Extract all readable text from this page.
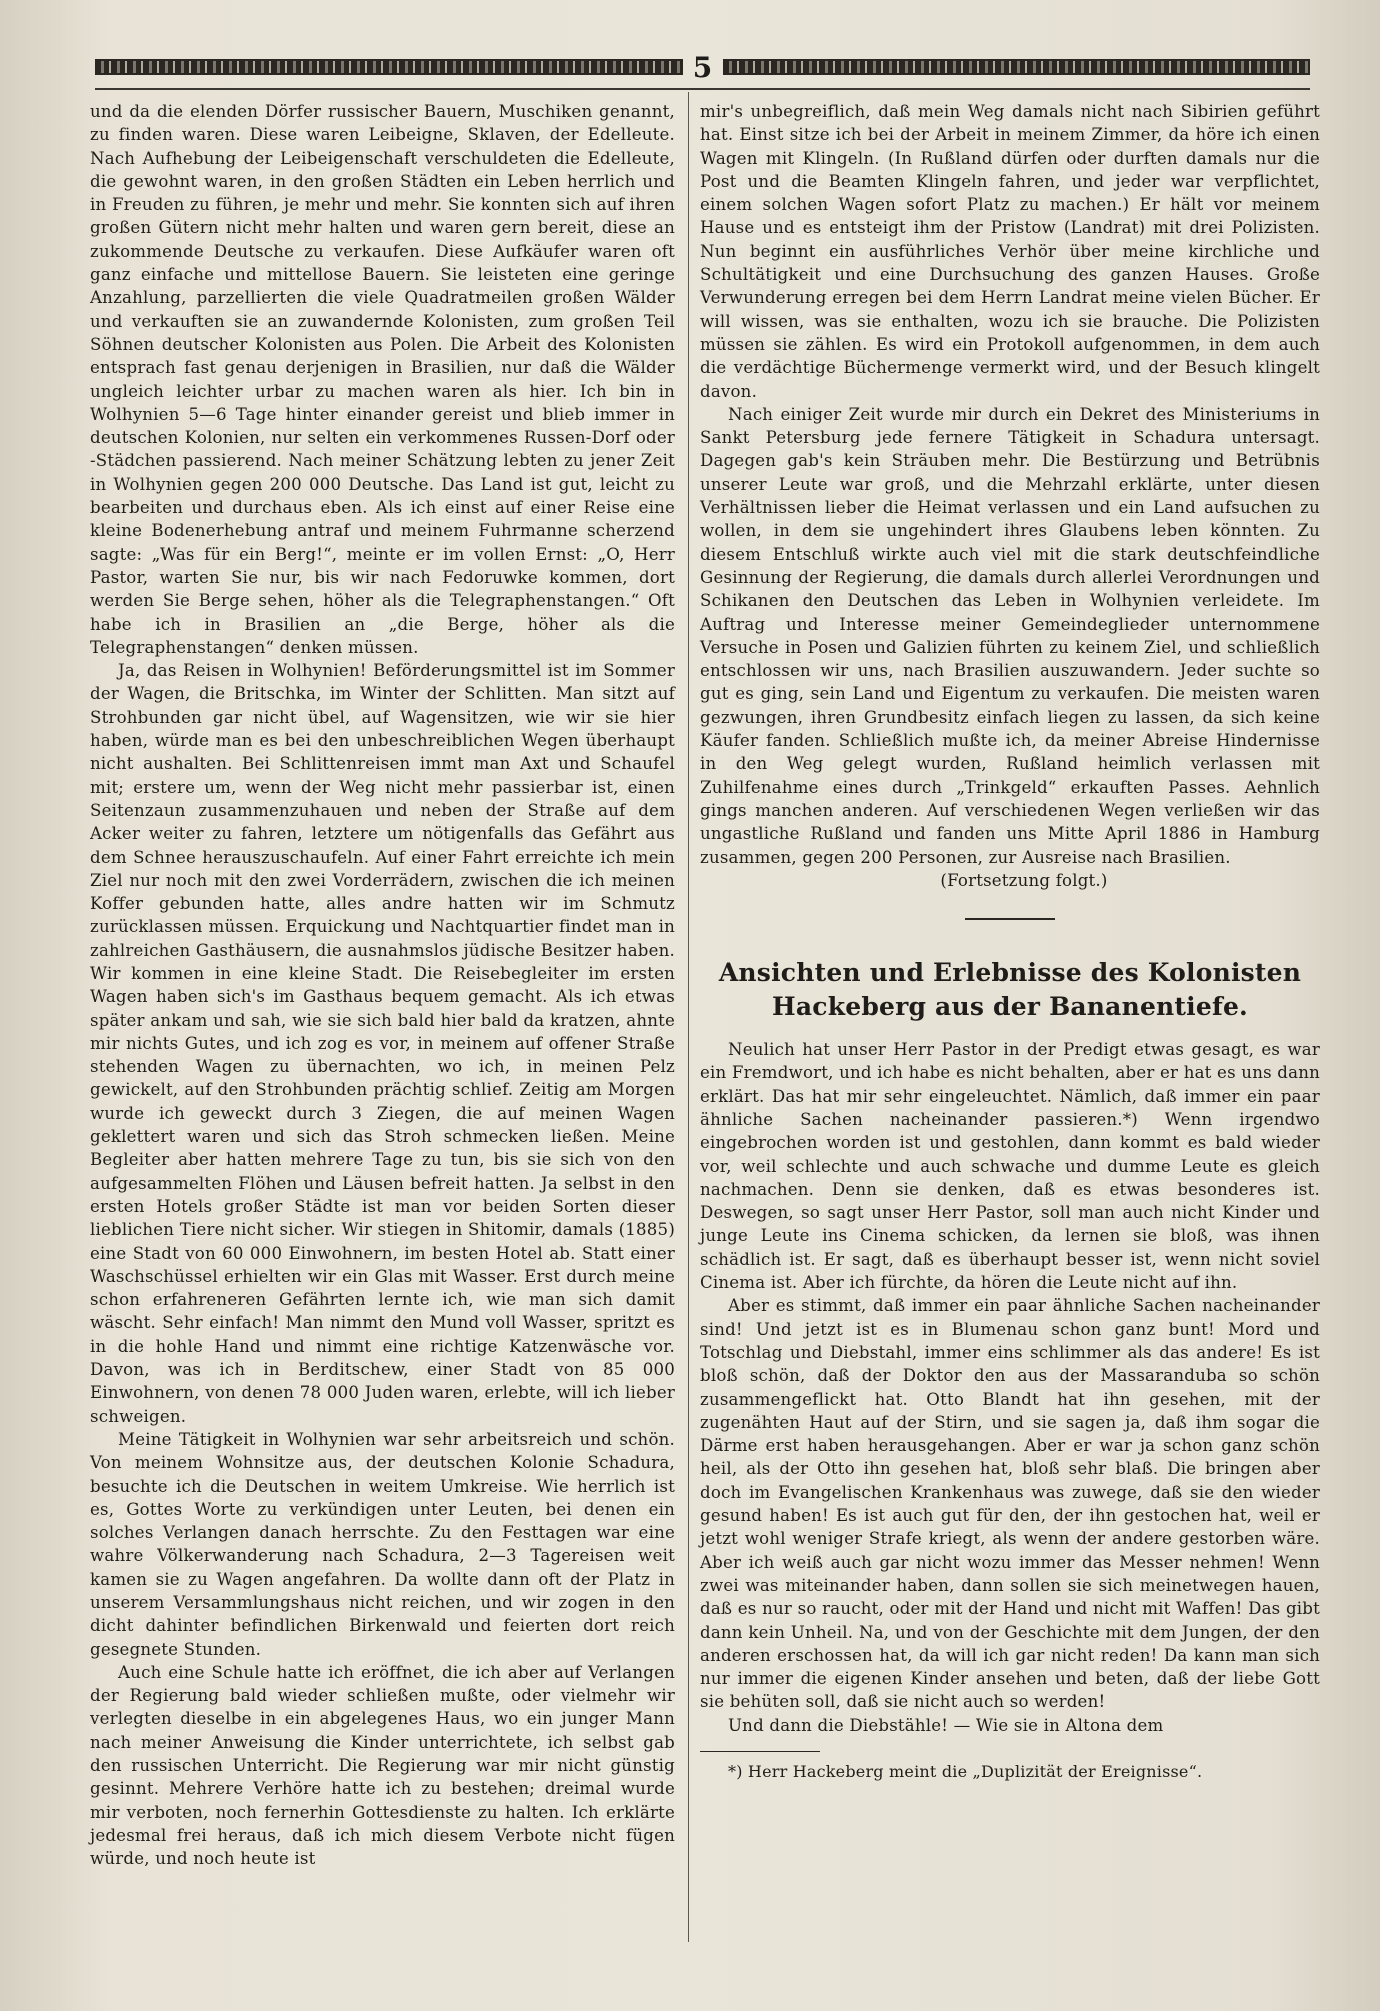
5

und da die elenden Dörfer russischer Bauern, Muschiken genannt, zu finden waren. Diese waren Leibeigne, Sklaven, der Edelleute. Nach Aufhebung der Leibeigenschaft verschuldeten die Edelleute, die gewohnt waren, in den großen Städten ein Leben herrlich und in Freuden zu führen, je mehr und mehr. Sie konnten sich auf ihren großen Gütern nicht mehr halten und waren gern bereit, diese an zukommende Deutsche zu verkaufen. Diese Aufkäufer waren oft ganz einfache und mittellose Bauern. Sie leisteten eine geringe Anzahlung, parzellierten die viele Quadratmeilen großen Wälder und verkauften sie an zuwandernde Kolonisten, zum großen Teil Söhnen deutscher Kolonisten aus Polen. Die Arbeit des Kolonisten entsprach fast genau derjenigen in Brasilien, nur daß die Wälder ungleich leichter urbar zu machen waren als hier. Ich bin in Wolhynien 5—6 Tage hinter einander gereist und blieb immer in deutschen Kolonien, nur selten ein verkommenes Russen-Dorf oder -Städchen passierend. Nach meiner Schätzung lebten zu jener Zeit in Wolhynien gegen 200 000 Deutsche. Das Land ist gut, leicht zu bearbeiten und durchaus eben. Als ich einst auf einer Reise eine kleine Bodenerhebung antraf und meinem Fuhrmanne scherzend sagte: „Was für ein Berg!“, meinte er im vollen Ernst: „O, Herr Pastor, warten Sie nur, bis wir nach Fedoruwke kommen, dort werden Sie Berge sehen, höher als die Telegraphenstangen.“ Oft habe ich in Brasilien an „die Berge, höher als die Telegraphenstangen“ denken müssen.

Ja, das Reisen in Wolhynien! Beförderungsmittel ist im Sommer der Wagen, die Britschka, im Winter der Schlitten. Man sitzt auf Strohbunden gar nicht übel, auf Wagensitzen, wie wir sie hier haben, würde man es bei den unbeschreiblichen Wegen überhaupt nicht aushalten. Bei Schlittenreisen immt man Axt und Schaufel mit; erstere um, wenn der Weg nicht mehr passierbar ist, einen Seitenzaun zusammenzuhauen und neben der Straße auf dem Acker weiter zu fahren, letztere um nötigenfalls das Gefährt aus dem Schnee herauszuschaufeln. Auf einer Fahrt erreichte ich mein Ziel nur noch mit den zwei Vorderrädern, zwischen die ich meinen Koffer gebunden hatte, alles andre hatten wir im Schmutz zurücklassen müssen. Erquickung und Nachtquartier findet man in zahlreichen Gasthäusern, die ausnahmslos jüdische Besitzer haben. Wir kommen in eine kleine Stadt. Die Reisebegleiter im ersten Wagen haben sich's im Gasthaus bequem gemacht. Als ich etwas später ankam und sah, wie sie sich bald hier bald da kratzen, ahnte mir nichts Gutes, und ich zog es vor, in meinem auf offener Straße stehenden Wagen zu übernachten, wo ich, in meinen Pelz gewickelt, auf den Strohbunden prächtig schlief. Zeitig am Morgen wurde ich geweckt durch 3 Ziegen, die auf meinen Wagen geklettert waren und sich das Stroh schmecken ließen. Meine Begleiter aber hatten mehrere Tage zu tun, bis sie sich von den aufgesammelten Flöhen und Läusen befreit hatten. Ja selbst in den ersten Hotels großer Städte ist man vor beiden Sorten dieser lieblichen Tiere nicht sicher. Wir stiegen in Shitomir, damals (1885) eine Stadt von 60 000 Einwohnern, im besten Hotel ab. Statt einer Waschschüssel erhielten wir ein Glas mit Wasser. Erst durch meine schon erfahreneren Gefährten lernte ich, wie man sich damit wäscht. Sehr einfach! Man nimmt den Mund voll Wasser, spritzt es in die hohle Hand und nimmt eine richtige Katzenwäsche vor. Davon, was ich in Berditschew, einer Stadt von 85 000 Einwohnern, von denen 78 000 Juden waren, erlebte, will ich lieber schweigen.

Meine Tätigkeit in Wolhynien war sehr arbeitsreich und schön. Von meinem Wohnsitze aus, der deutschen Kolonie Schadura, besuchte ich die Deutschen in weitem Umkreise. Wie herrlich ist es, Gottes Worte zu verkündigen unter Leuten, bei denen ein solches Verlangen danach herrschte. Zu den Festtagen war eine wahre Völkerwanderung nach Schadura, 2—3 Tagereisen weit kamen sie zu Wagen angefahren. Da wollte dann oft der Platz in unserem Versammlungshaus nicht reichen, und wir zogen in den dicht dahinter befindlichen Birkenwald und feierten dort reich gesegnete Stunden.

Auch eine Schule hatte ich eröffnet, die ich aber auf Verlangen der Regierung bald wieder schließen mußte, oder vielmehr wir verlegten dieselbe in ein abgelegenes Haus, wo ein junger Mann nach meiner Anweisung die Kinder unterrichtete, ich selbst gab den russischen Unterricht. Die Regierung war mir nicht günstig gesinnt. Mehrere Verhöre hatte ich zu bestehen; dreimal wurde mir verboten, noch fernerhin Gottesdienste zu halten. Ich erklärte jedesmal frei heraus, daß ich mich diesem Verbote nicht fügen würde, und noch heute ist

mir's unbegreiflich, daß mein Weg damals nicht nach Sibirien geführt hat. Einst sitze ich bei der Arbeit in meinem Zimmer, da höre ich einen Wagen mit Klingeln. (In Rußland dürfen oder durften damals nur die Post und die Beamten Klingeln fahren, und jeder war verpflichtet, einem solchen Wagen sofort Platz zu machen.) Er hält vor meinem Hause und es entsteigt ihm der Pristow (Landrat) mit drei Polizisten. Nun beginnt ein ausführliches Verhör über meine kirchliche und Schultätigkeit und eine Durchsuchung des ganzen Hauses. Große Verwunderung erregen bei dem Herrn Landrat meine vielen Bücher. Er will wissen, was sie enthalten, wozu ich sie brauche. Die Polizisten müssen sie zählen. Es wird ein Protokoll aufgenommen, in dem auch die verdächtige Büchermenge vermerkt wird, und der Besuch klingelt davon.

Nach einiger Zeit wurde mir durch ein Dekret des Ministeriums in Sankt Petersburg jede fernere Tätigkeit in Schadura untersagt. Dagegen gab's kein Sträuben mehr. Die Bestürzung und Betrübnis unserer Leute war groß, und die Mehrzahl erklärte, unter diesen Verhältnissen lieber die Heimat verlassen und ein Land aufsuchen zu wollen, in dem sie ungehindert ihres Glaubens leben könnten. Zu diesem Entschluß wirkte auch viel mit die stark deutschfeindliche Gesinnung der Regierung, die damals durch allerlei Verordnungen und Schikanen den Deutschen das Leben in Wolhynien verleidete. Im Auftrag und Interesse meiner Gemeindeglieder unternommene Versuche in Posen und Galizien führten zu keinem Ziel, und schließlich entschlossen wir uns, nach Brasilien auszuwandern. Jeder suchte so gut es ging, sein Land und Eigentum zu verkaufen. Die meisten waren gezwungen, ihren Grundbesitz einfach liegen zu lassen, da sich keine Käufer fanden. Schließlich mußte ich, da meiner Abreise Hindernisse in den Weg gelegt wurden, Rußland heimlich verlassen mit Zuhilfenahme eines durch „Trinkgeld“ erkauften Passes. Aehnlich gings manchen anderen. Auf verschiedenen Wegen verließen wir das ungastliche Rußland und fanden uns Mitte April 1886 in Hamburg zusammen, gegen 200 Personen, zur Ausreise nach Brasilien.

(Fortsetzung folgt.)

Ansichten und Erlebnisse des Kolonisten Hackeberg aus der Bananentiefe.

Neulich hat unser Herr Pastor in der Predigt etwas gesagt, es war ein Fremdwort, und ich habe es nicht behalten, aber er hat es uns dann erklärt. Das hat mir sehr eingeleuchtet. Nämlich, daß immer ein paar ähnliche Sachen nacheinander passieren.*) Wenn irgendwo eingebrochen worden ist und gestohlen, dann kommt es bald wieder vor, weil schlechte und auch schwache und dumme Leute es gleich nachmachen. Denn sie denken, daß es etwas besonderes ist. Deswegen, so sagt unser Herr Pastor, soll man auch nicht Kinder und junge Leute ins Cinema schicken, da lernen sie bloß, was ihnen schädlich ist. Er sagt, daß es überhaupt besser ist, wenn nicht soviel Cinema ist. Aber ich fürchte, da hören die Leute nicht auf ihn.

Aber es stimmt, daß immer ein paar ähnliche Sachen nacheinander sind! Und jetzt ist es in Blumenau schon ganz bunt! Mord und Totschlag und Diebstahl, immer eins schlimmer als das andere! Es ist bloß schön, daß der Doktor den aus der Massaranduba so schön zusammengeflickt hat. Otto Blandt hat ihn gesehen, mit der zugenähten Haut auf der Stirn, und sie sagen ja, daß ihm sogar die Därme erst haben herausgehangen. Aber er war ja schon ganz schön heil, als der Otto ihn gesehen hat, bloß sehr blaß. Die bringen aber doch im Evangelischen Krankenhaus was zuwege, daß sie den wieder gesund haben! Es ist auch gut für den, der ihn gestochen hat, weil er jetzt wohl weniger Strafe kriegt, als wenn der andere gestorben wäre. Aber ich weiß auch gar nicht wozu immer das Messer nehmen! Wenn zwei was miteinander haben, dann sollen sie sich meinetwegen hauen, daß es nur so raucht, oder mit der Hand und nicht mit Waffen! Das gibt dann kein Unheil. Na, und von der Geschichte mit dem Jungen, der den anderen erschossen hat, da will ich gar nicht reden! Da kann man sich nur immer die eigenen Kinder ansehen und beten, daß der liebe Gott sie behüten soll, daß sie nicht auch so werden!

Und dann die Diebstähle! — Wie sie in Altona dem

*) Herr Hackeberg meint die „Duplizität der Ereignisse“.
